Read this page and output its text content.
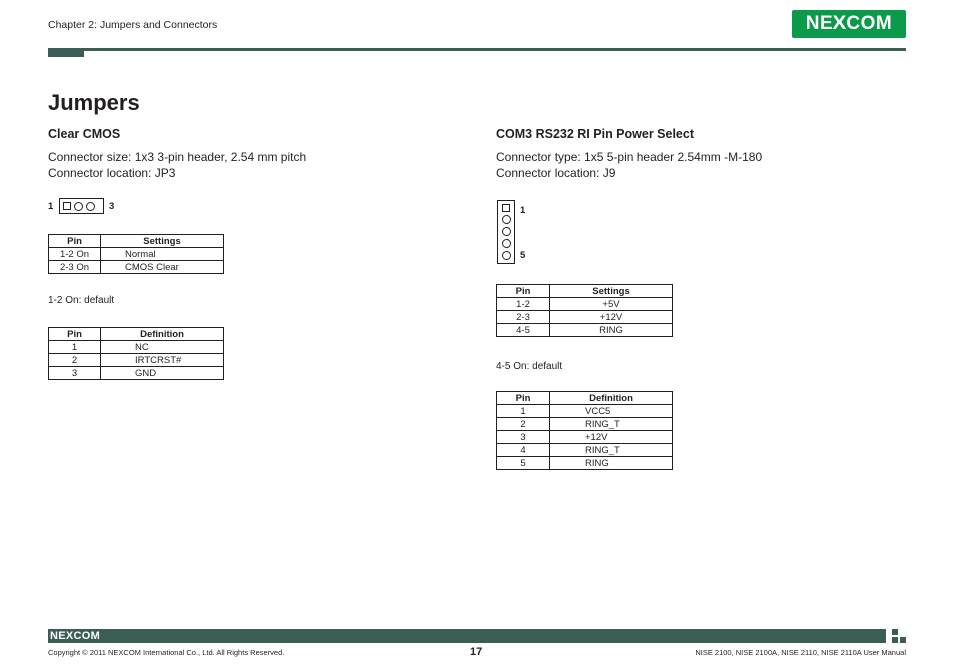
Chapter 2: Jumpers and Connectors	NEXCOM
Jumpers
Clear CMOS
Connector size: 1x3 3-pin header, 2.54 mm pitch
Connector location: JP3
1	3
Pin	Settings
1-2 On	Normal
2-3 On	CMOS Clear
1-2 On: default
Pin	Definition
1	NC
2	IRTCRST#
3	GND
COM3 RS232 RI Pin Power Select
Connector type: 1x5 5-pin header 2.54mm -M-180
Connector location: J9
1
5
Pin	Settings
1-2	+5V
2-3	+12V
4-5	RING
4-5 On: default
Pin	Definition
1	VCC5
2	RING_T
3	+12V
4	RING_T
5	RING
NEXCOM
Copyright © 2011 NEXCOM International Co., Ltd. All Rights Reserved.	17	NISE 2100, NISE 2100A, NISE 2110, NISE 2110A User Manual
